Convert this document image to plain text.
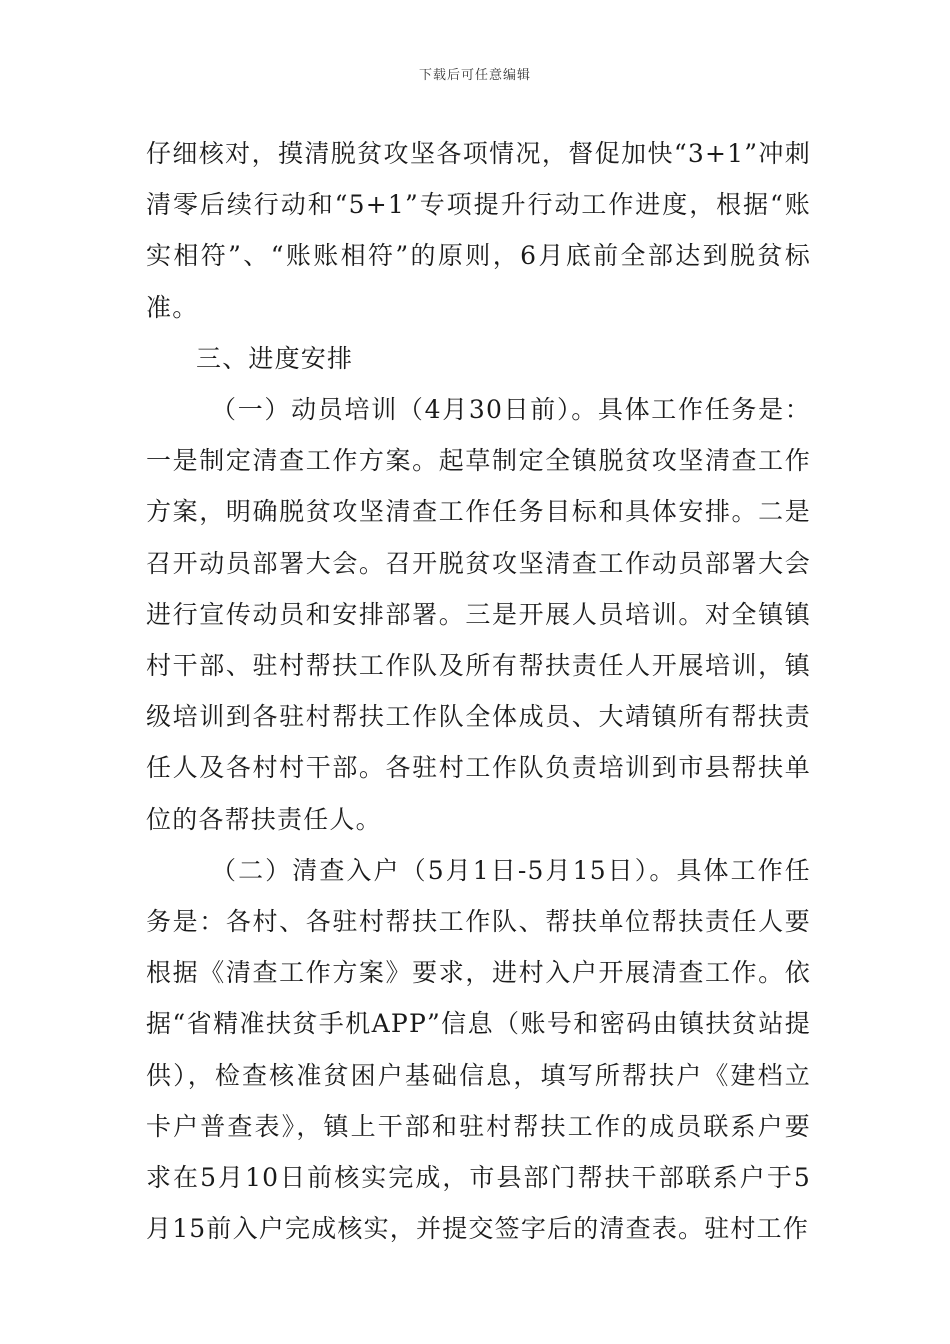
下载后可任意编辑

仔细核对，摸清脱贫攻坚各项情况，督促加快“3+1”冲刺清零后续行动和“5+1”专项提升行动工作进度，根据“账实相符”、“账账相符”的原则，6月底前全部达到脱贫标准。

三、进度安排

（一）动员培训（4月30日前）。具体工作任务是：一是制定清查工作方案。起草制定全镇脱贫攻坚清查工作方案，明确脱贫攻坚清查工作任务目标和具体安排。二是召开动员部署大会。召开脱贫攻坚清查工作动员部署大会进行宣传动员和安排部署。三是开展人员培训。对全镇镇村干部、驻村帮扶工作队及所有帮扶责任人开展培训，镇级培训到各驻村帮扶工作队全体成员、大靖镇所有帮扶责任人及各村村干部。各驻村工作队负责培训到市县帮扶单位的各帮扶责任人。

（二）清查入户（5月1日-5月15日）。具体工作任务是：各村、各驻村帮扶工作队、帮扶单位帮扶责任人要根据《清查工作方案》要求，进村入户开展清查工作。依据“省精准扶贫手机APP”信息（账号和密码由镇扶贫站提供），检查核准贫困户基础信息，填写所帮扶户《建档立卡户普查表》，镇上干部和驻村帮扶工作的成员联系户要求在5月10日前核实完成，市县部门帮扶干部联系户于5月15前入户完成核实，并提交签字后的清查表。驻村工作
